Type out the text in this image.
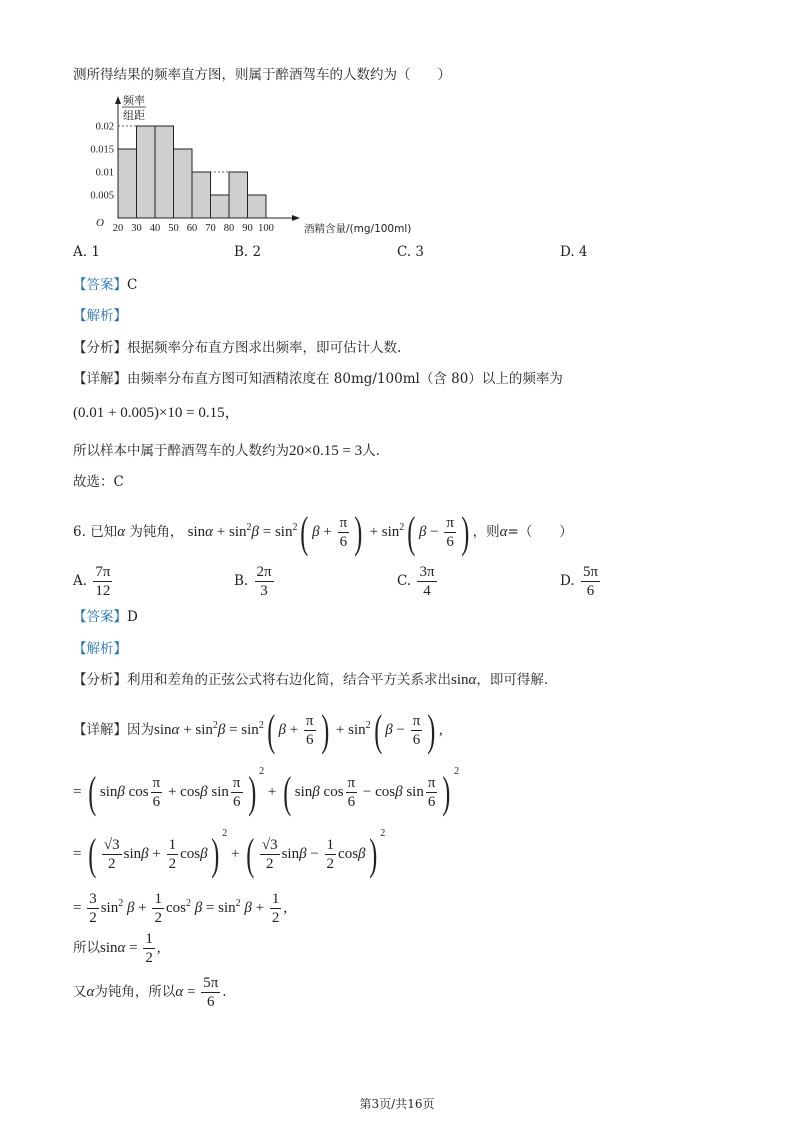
测所得结果的频率直方图，则属于醉酒驾车的人数约为（　　）
0.005
0.01
0.015
0.02
20 30 40 50 60 70 80 90 100
O
频率
组距
酒精含量/(mg/100ml)
A. 1	B. 2	C. 3	D. 4
【答案】C
【解析】
【分析】根据频率分布直方图求出频率，即可估计人数.
【详解】由频率分布直方图可知酒精浓度在 80mg/100ml（含 80）以上的频率为
(0.01 + 0.005)×10 = 0.15，
所以样本中属于醉酒驾车的人数约为20×0.15 = 3人.
故选：C
6. 已知α 为钝角， $\sin\alpha + \sin^2\beta = \sin^2$( $\beta + \frac{\pi}{6}$ ) + $\sin^2$( $\beta - \frac{\pi}{6}$ ) ，则α=（　　）
A. $\frac{7\pi}{12}$	B. $\frac{2\pi}{3}$	C. $\frac{3\pi}{4}$	D. $\frac{5\pi}{6}$
【答案】D
【解析】
【分析】利用和差角的正弦公式将右边化简，结合平方关系求出sinα，即可得解.
【详解】因为$\sin\alpha + \sin^2\beta = \sin^2$( $\beta + \frac{\pi}{6}$ ) + $\sin^2$( $\beta - \frac{\pi}{6}$ ) ,
= ( sinβ $\cos \frac{\pi}{6} + \cos\beta$ $\sin \frac{\pi}{6}$ ) $^2$ + ( sinβ $\cos \frac{\pi}{6} - \cos\beta$ $\sin \frac{\pi}{6}$ ) $^2$
= ( $\frac{√3}{2}$ $\sin\beta + \frac{1}{2} \cos\beta$) $^2$ + ( $\frac{√3}{2}$ $\sin\beta - \frac{1}{2} \cos\beta$) $^2$
= $\frac{3}{2} \sin^2 \beta + \frac{1}{2} \cos^2 \beta = \sin^2 \beta + \frac{1}{2}$ ,
所以$\sin\alpha = \frac{1}{2}$ ,
又α为钝角，所以$\alpha = \frac{5\pi}{6}$ .
第3页/共16页
